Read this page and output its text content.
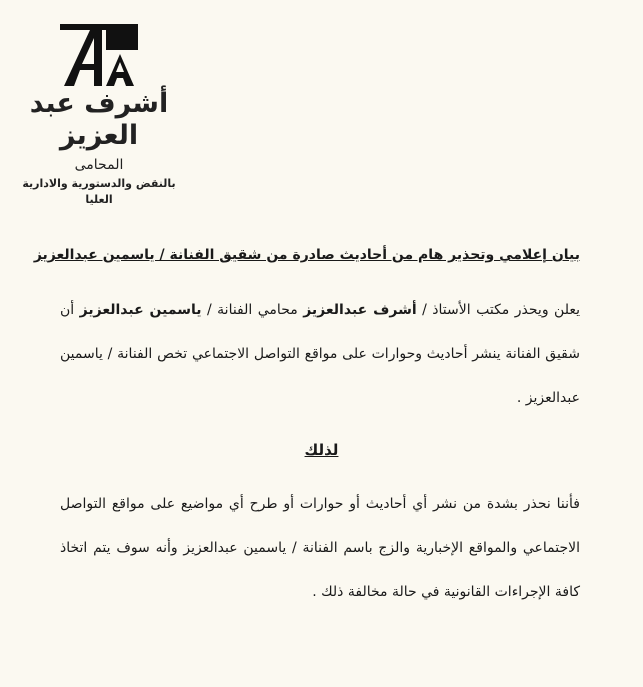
أشرف عبد العزيز
المحامى
بالنقض والدستورية والادارية العليا
بيان إعلامي وتحذير هام من أحاديث صادرة من شقيق الفنانة / ياسمين عبدالعزيز
يعلن ويحذر مكتب الأستاذ / أشرف عبدالعزيز محامي الفنانة / ياسمين عبدالعزيز أن شقيق الفنانة ينشر أحاديث وحوارات على مواقع التواصل الاجتماعي تخص الفنانة / ياسمين عبدالعزيز .
لذلك
فأننا نحذر بشدة من نشر أي أحاديث أو حوارات أو طرح أي مواضيع على مواقع التواصل الاجتماعي والمواقع الإخبارية والزج باسم الفنانة / ياسمين عبدالعزيز وأنه سوف يتم اتخاذ كافة الإجراءات القانونية في حالة مخالفة ذلك .
